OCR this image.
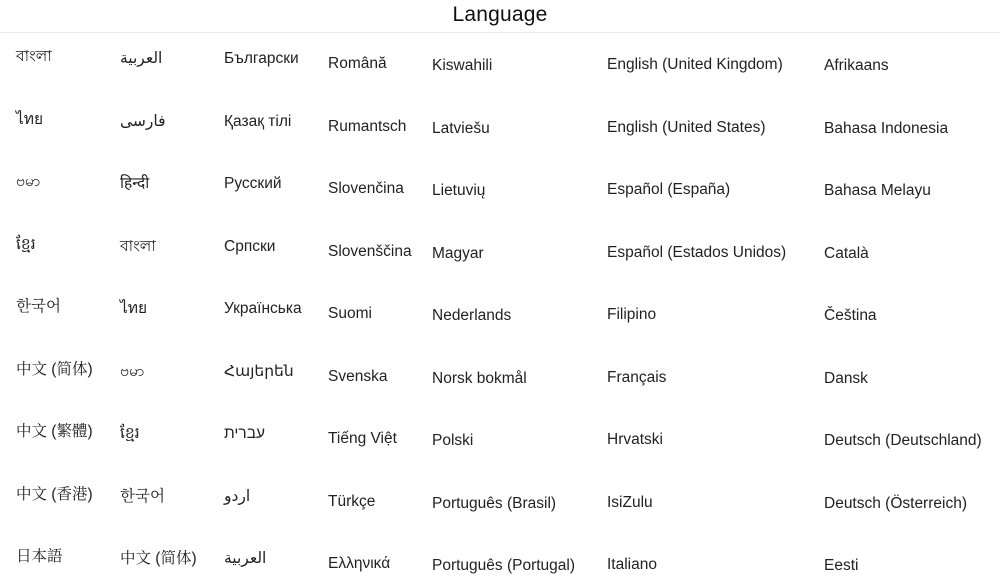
Language
বাংলা
ไทย
ဗမာ
ខ្មែរ
한국어
中文 (简体)
中文 (繁體)
中文 (香港)
日本語
العربية
فارسی
हिन्दी
বাংলা
ไทย
ဗမာ
ខ្មែរ
한국어
中文 (简体)
Български
Қазақ тілі
Русский
Српски
Українська
Հայերեն
עברית
اردو
العربية
Română
Rumantsch
Slovenčina
Slovenščina
Suomi
Svenska
Tiếng Việt
Türkçe
Ελληνικά
Kiswahili
Latviešu
Lietuvių
Magyar
Nederlands
Norsk bokmål
Polski
Português (Brasil)
Português (Portugal)
English (United Kingdom)
English (United States)
Español (España)
Español (Estados Unidos)
Filipino
Français
Hrvatski
IsiZulu
Italiano
Afrikaans
Bahasa Indonesia
Bahasa Melayu
Català
Čeština
Dansk
Deutsch (Deutschland)
Deutsch (Österreich)
Eesti
